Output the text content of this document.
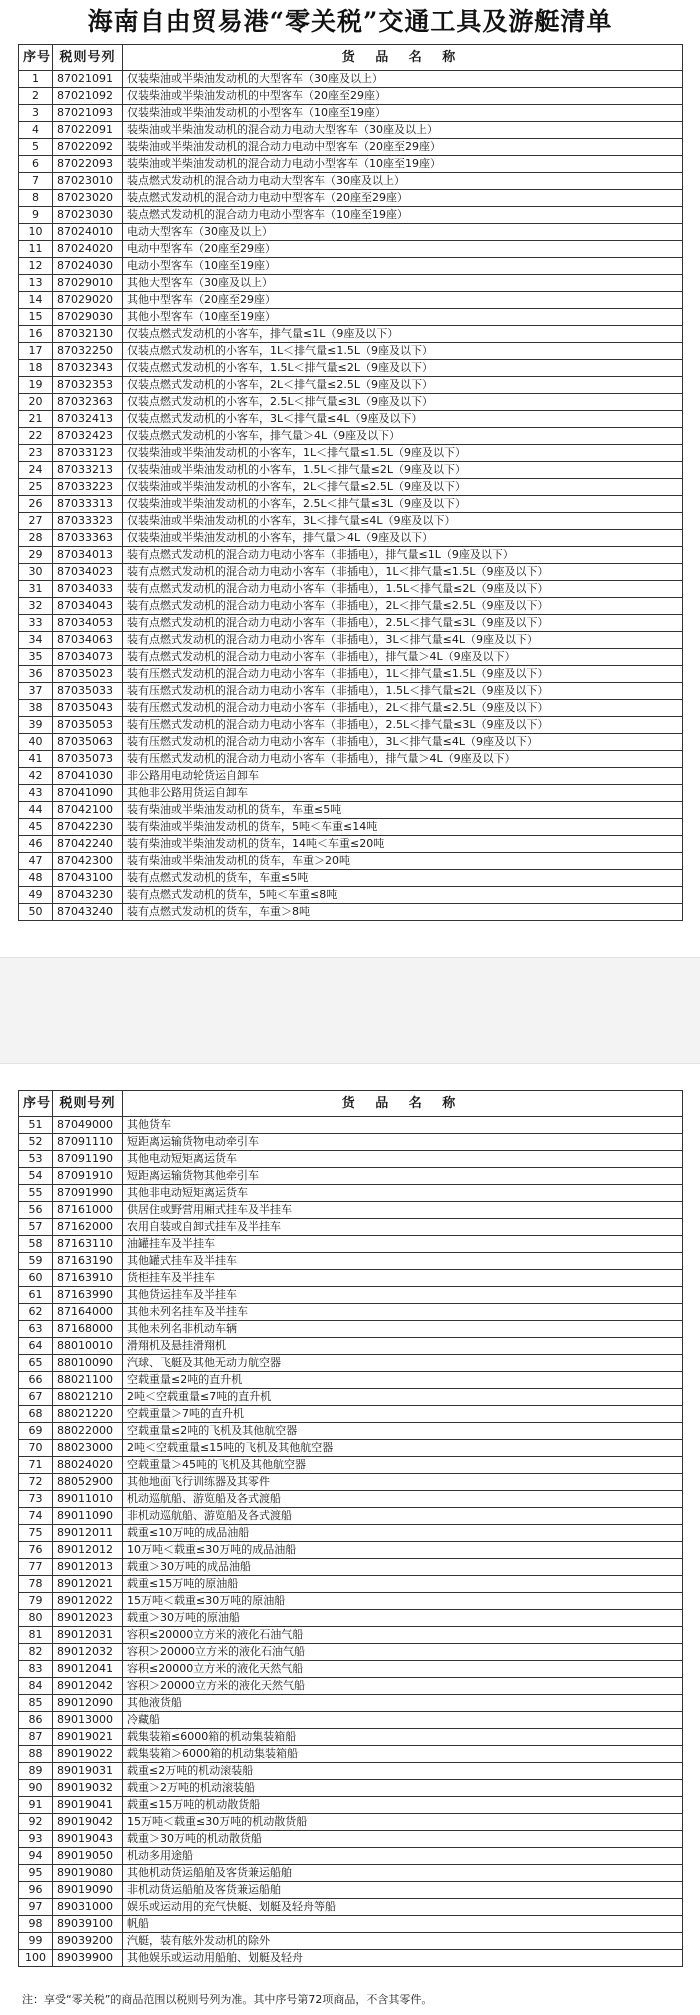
海南自由贸易港“零关税”交通工具及游艇清单
序号	税则号列	货 品 名 称
1	87021091	仅装柴油或半柴油发动机的大型客车（30座及以上）
2	87021092	仅装柴油或半柴油发动机的中型客车（20座至29座）
3	87021093	仅装柴油或半柴油发动机的小型客车（10座至19座）
4	87022091	装柴油或半柴油发动机的混合动力电动大型客车（30座及以上）
5	87022092	装柴油或半柴油发动机的混合动力电动中型客车（20座至29座）
6	87022093	装柴油或半柴油发动机的混合动力电动小型客车（10座至19座）
7	87023010	装点燃式发动机的混合动力电动大型客车（30座及以上）
8	87023020	装点燃式发动机的混合动力电动中型客车（20座至29座）
9	87023030	装点燃式发动机的混合动力电动小型客车（10座至19座）
10	87024010	电动大型客车（30座及以上）
11	87024020	电动中型客车（20座至29座）
12	87024030	电动小型客车（10座至19座）
13	87029010	其他大型客车（30座及以上）
14	87029020	其他中型客车（20座至29座）
15	87029030	其他小型客车（10座至19座）
16	87032130	仅装点燃式发动机的小客车，排气量≤1L（9座及以下）
17	87032250	仅装点燃式发动机的小客车，1L＜排气量≤1.5L（9座及以下）
18	87032343	仅装点燃式发动机的小客车，1.5L＜排气量≤2L（9座及以下）
19	87032353	仅装点燃式发动机的小客车，2L＜排气量≤2.5L（9座及以下）
20	87032363	仅装点燃式发动机的小客车，2.5L＜排气量≤3L（9座及以下）
21	87032413	仅装点燃式发动机的小客车，3L＜排气量≤4L（9座及以下）
22	87032423	仅装点燃式发动机的小客车，排气量＞4L（9座及以下）
23	87033123	仅装柴油或半柴油发动机的小客车，1L＜排气量≤1.5L（9座及以下）
24	87033213	仅装柴油或半柴油发动机的小客车，1.5L＜排气量≤2L（9座及以下）
25	87033223	仅装柴油或半柴油发动机的小客车，2L＜排气量≤2.5L（9座及以下）
26	87033313	仅装柴油或半柴油发动机的小客车，2.5L＜排气量≤3L（9座及以下）
27	87033323	仅装柴油或半柴油发动机的小客车，3L＜排气量≤4L（9座及以下）
28	87033363	仅装柴油或半柴油发动机的小客车，排气量＞4L（9座及以下）
29	87034013	装有点燃式发动机的混合动力电动小客车（非插电），排气量≤1L（9座及以下）
30	87034023	装有点燃式发动机的混合动力电动小客车（非插电），1L＜排气量≤1.5L（9座及以下）
31	87034033	装有点燃式发动机的混合动力电动小客车（非插电），1.5L＜排气量≤2L（9座及以下）
32	87034043	装有点燃式发动机的混合动力电动小客车（非插电），2L＜排气量≤2.5L（9座及以下）
33	87034053	装有点燃式发动机的混合动力电动小客车（非插电），2.5L＜排气量≤3L（9座及以下）
34	87034063	装有点燃式发动机的混合动力电动小客车（非插电），3L＜排气量≤4L（9座及以下）
35	87034073	装有点燃式发动机的混合动力电动小客车（非插电），排气量＞4L（9座及以下）
36	87035023	装有压燃式发动机的混合动力电动小客车（非插电），1L＜排气量≤1.5L（9座及以下）
37	87035033	装有压燃式发动机的混合动力电动小客车（非插电），1.5L＜排气量≤2L（9座及以下）
38	87035043	装有压燃式发动机的混合动力电动小客车（非插电），2L＜排气量≤2.5L（9座及以下）
39	87035053	装有压燃式发动机的混合动力电动小客车（非插电），2.5L＜排气量≤3L（9座及以下）
40	87035063	装有压燃式发动机的混合动力电动小客车（非插电），3L＜排气量≤4L（9座及以下）
41	87035073	装有压燃式发动机的混合动力电动小客车（非插电），排气量＞4L（9座及以下）
42	87041030	非公路用电动轮货运自卸车
43	87041090	其他非公路用货运自卸车
44	87042100	装有柴油或半柴油发动机的货车，车重≤5吨
45	87042230	装有柴油或半柴油发动机的货车，5吨＜车重≤14吨
46	87042240	装有柴油或半柴油发动机的货车，14吨＜车重≤20吨
47	87042300	装有柴油或半柴油发动机的货车，车重＞20吨
48	87043100	装有点燃式发动机的货车，车重≤5吨
49	87043230	装有点燃式发动机的货车，5吨＜车重≤8吨
50	87043240	装有点燃式发动机的货车，车重＞8吨
序号	税则号列	货 品 名 称
51	87049000	其他货车
52	87091110	短距离运输货物电动牵引车
53	87091190	其他电动短矩离运货车
54	87091910	短距离运输货物其他牵引车
55	87091990	其他非电动短矩离运货车
56	87161000	供居住或野营用厢式挂车及半挂车
57	87162000	农用自装或自卸式挂车及半挂车
58	87163110	油罐挂车及半挂车
59	87163190	其他罐式挂车及半挂车
60	87163910	货柜挂车及半挂车
61	87163990	其他货运挂车及半挂车
62	87164000	其他未列名挂车及半挂车
63	87168000	其他未列名非机动车辆
64	88010010	滑翔机及悬挂滑翔机
65	88010090	汽球、飞艇及其他无动力航空器
66	88021100	空载重量≤2吨的直升机
67	88021210	2吨＜空载重量≤7吨的直升机
68	88021220	空载重量＞7吨的直升机
69	88022000	空载重量≤2吨的飞机及其他航空器
70	88023000	2吨＜空载重量≤15吨的飞机及其他航空器
71	88024020	空载重量＞45吨的飞机及其他航空器
72	88052900	其他地面飞行训练器及其零件
73	89011010	机动巡航船、游览船及各式渡船
74	89011090	非机动巡航船、游览船及各式渡船
75	89012011	载重≤10万吨的成品油船
76	89012012	10万吨＜载重≤30万吨的成品油船
77	89012013	载重＞30万吨的成品油船
78	89012021	载重≤15万吨的原油船
79	89012022	15万吨＜载重≤30万吨的原油船
80	89012023	载重＞30万吨的原油船
81	89012031	容积≤20000立方米的液化石油气船
82	89012032	容积＞20000立方米的液化石油气船
83	89012041	容积≤20000立方米的液化天然气船
84	89012042	容积＞20000立方米的液化天然气船
85	89012090	其他液货船
86	89013000	冷藏船
87	89019021	载集装箱≤6000箱的机动集装箱船
88	89019022	载集装箱＞6000箱的机动集装箱船
89	89019031	载重≤2万吨的机动滚装船
90	89019032	载重＞2万吨的机动滚装船
91	89019041	载重≤15万吨的机动散货船
92	89019042	15万吨＜载重≤30万吨的机动散货船
93	89019043	载重＞30万吨的机动散货船
94	89019050	机动多用途船
95	89019080	其他机动货运船舶及客货兼运船舶
96	89019090	非机动货运船舶及客货兼运船舶
97	89031000	娱乐或运动用的充气快艇、划艇及轻舟等船
98	89039100	帆船
99	89039200	汽艇，装有舷外发动机的除外
100	89039900	其他娱乐或运动用船舶、划艇及轻舟
注：享受“零关税”的商品范围以税则号列为准。其中序号第72项商品，不含其零件。
